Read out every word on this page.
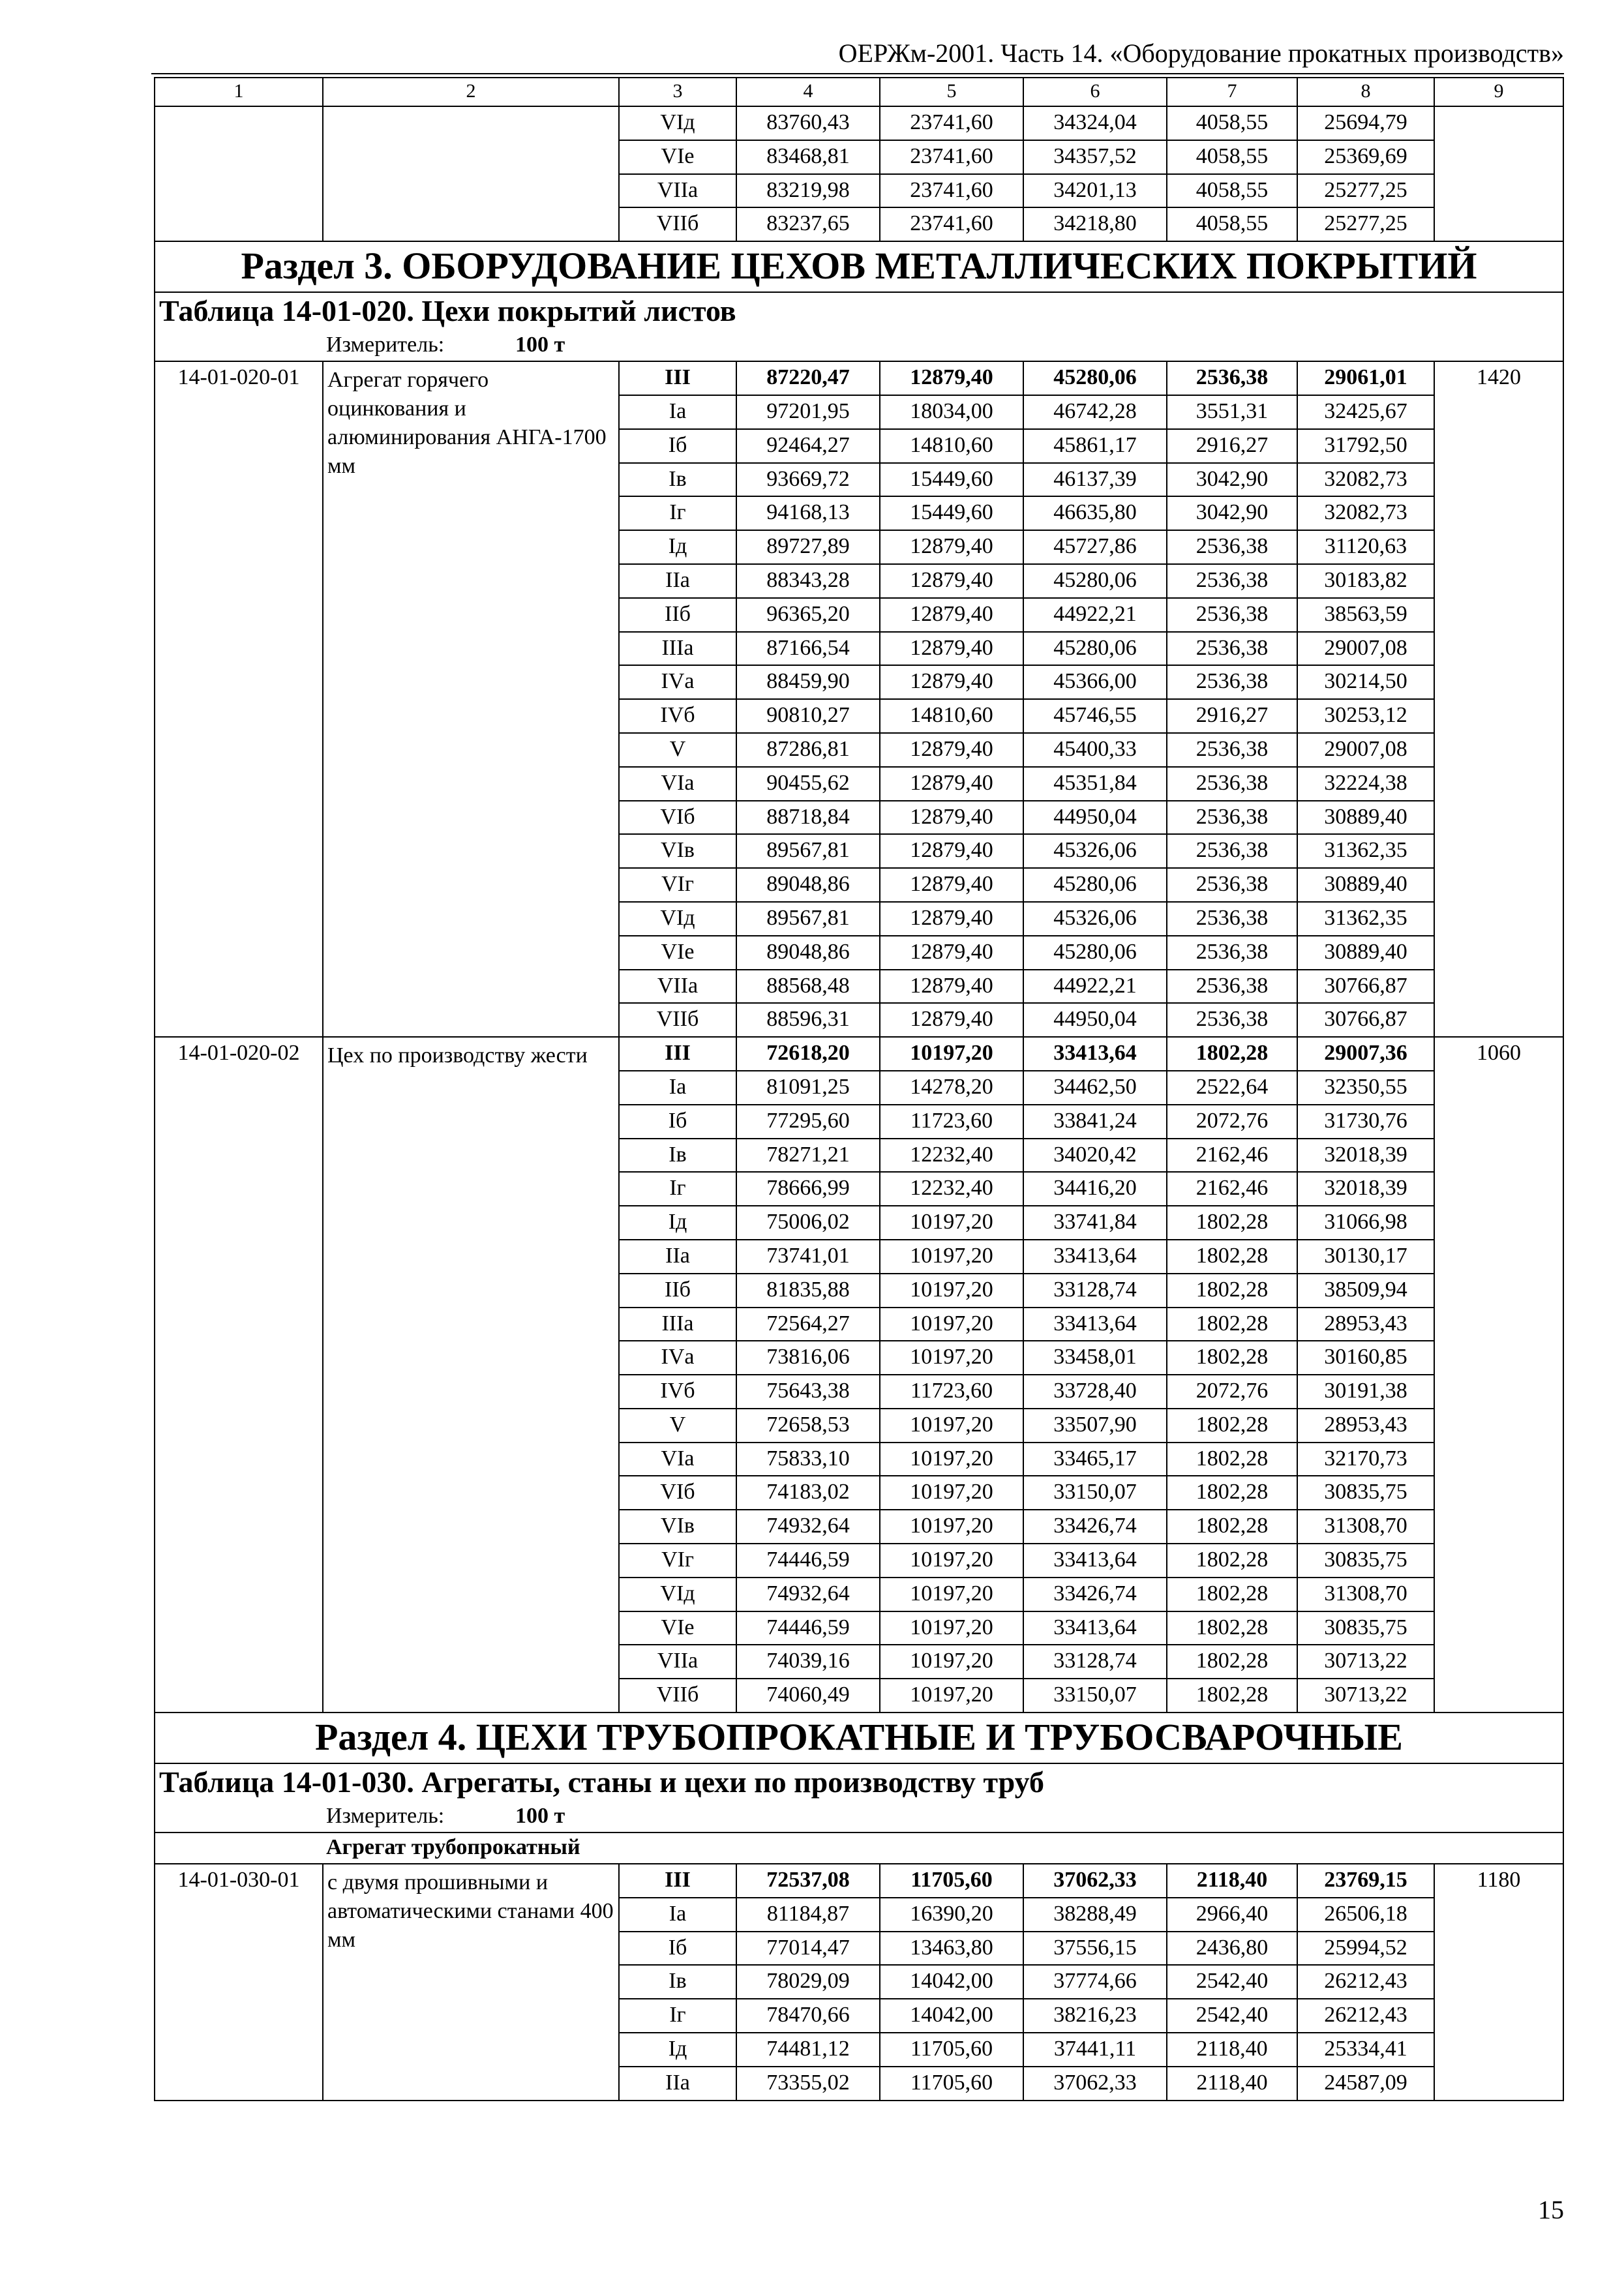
ОЕРЖм-2001. Часть 14. «Оборудование прокатных производств»
1	2	3	4	5	6	7	8	9
		VIд	83760,43	23741,60	34324,04	4058,55	25694,79	
		VIе	83468,81	23741,60	34357,52	4058,55	25369,69	
		VIIа	83219,98	23741,60	34201,13	4058,55	25277,25	
		VIIб	83237,65	23741,60	34218,80	4058,55	25277,25	
Раздел 3. ОБОРУДОВАНИЕ ЦЕХОВ МЕТАЛЛИЧЕСКИХ ПОКРЫТИЙ								
Таблица 14-01-020. Цехи покрытий листов								
Измеритель: 100 т								
14-01-020-01	Агрегат горячего оцинкования и алюминирования АНГА-1700 мм	III	87220,47	12879,40	45280,06	2536,38	29061,01	1420
		Iа	97201,95	18034,00	46742,28	3551,31	32425,67	
		Iб	92464,27	14810,60	45861,17	2916,27	31792,50	
		Iв	93669,72	15449,60	46137,39	3042,90	32082,73	
		Iг	94168,13	15449,60	46635,80	3042,90	32082,73	
		Iд	89727,89	12879,40	45727,86	2536,38	31120,63	
		IIа	88343,28	12879,40	45280,06	2536,38	30183,82	
		IIб	96365,20	12879,40	44922,21	2536,38	38563,59	
		IIIа	87166,54	12879,40	45280,06	2536,38	29007,08	
		IVа	88459,90	12879,40	45366,00	2536,38	30214,50	
		IVб	90810,27	14810,60	45746,55	2916,27	30253,12	
		V	87286,81	12879,40	45400,33	2536,38	29007,08	
		VIа	90455,62	12879,40	45351,84	2536,38	32224,38	
		VIб	88718,84	12879,40	44950,04	2536,38	30889,40	
		VIв	89567,81	12879,40	45326,06	2536,38	31362,35	
		VIг	89048,86	12879,40	45280,06	2536,38	30889,40	
		VIд	89567,81	12879,40	45326,06	2536,38	31362,35	
		VIе	89048,86	12879,40	45280,06	2536,38	30889,40	
		VIIа	88568,48	12879,40	44922,21	2536,38	30766,87	
		VIIб	88596,31	12879,40	44950,04	2536,38	30766,87	
14-01-020-02	Цех по производству жести	III	72618,20	10197,20	33413,64	1802,28	29007,36	1060
		Iа	81091,25	14278,20	34462,50	2522,64	32350,55	
		Iб	77295,60	11723,60	33841,24	2072,76	31730,76	
		Iв	78271,21	12232,40	34020,42	2162,46	32018,39	
		Iг	78666,99	12232,40	34416,20	2162,46	32018,39	
		Iд	75006,02	10197,20	33741,84	1802,28	31066,98	
		IIа	73741,01	10197,20	33413,64	1802,28	30130,17	
		IIб	81835,88	10197,20	33128,74	1802,28	38509,94	
		IIIа	72564,27	10197,20	33413,64	1802,28	28953,43	
		IVа	73816,06	10197,20	33458,01	1802,28	30160,85	
		IVб	75643,38	11723,60	33728,40	2072,76	30191,38	
		V	72658,53	10197,20	33507,90	1802,28	28953,43	
		VIа	75833,10	10197,20	33465,17	1802,28	32170,73	
		VIб	74183,02	10197,20	33150,07	1802,28	30835,75	
		VIв	74932,64	10197,20	33426,74	1802,28	31308,70	
		VIг	74446,59	10197,20	33413,64	1802,28	30835,75	
		VIд	74932,64	10197,20	33426,74	1802,28	31308,70	
		VIе	74446,59	10197,20	33413,64	1802,28	30835,75	
		VIIа	74039,16	10197,20	33128,74	1802,28	30713,22	
		VIIб	74060,49	10197,20	33150,07	1802,28	30713,22	
Раздел 4. ЦЕХИ ТРУБОПРОКАТНЫЕ И ТРУБОСВАРОЧНЫЕ								
Таблица 14-01-030. Агрегаты, станы и цехи по производству труб								
Измеритель: 100 т								
Агрегат трубопрокатный								
14-01-030-01	с двумя прошивными и автоматическими станами 400 мм	III	72537,08	11705,60	37062,33	2118,40	23769,15	1180
		Iа	81184,87	16390,20	38288,49	2966,40	26506,18	
		Iб	77014,47	13463,80	37556,15	2436,80	25994,52	
		Iв	78029,09	14042,00	37774,66	2542,40	26212,43	
		Iг	78470,66	14042,00	38216,23	2542,40	26212,43	
		Iд	74481,12	11705,60	37441,11	2118,40	25334,41	
		IIа	73355,02	11705,60	37062,33	2118,40	24587,09	
15
